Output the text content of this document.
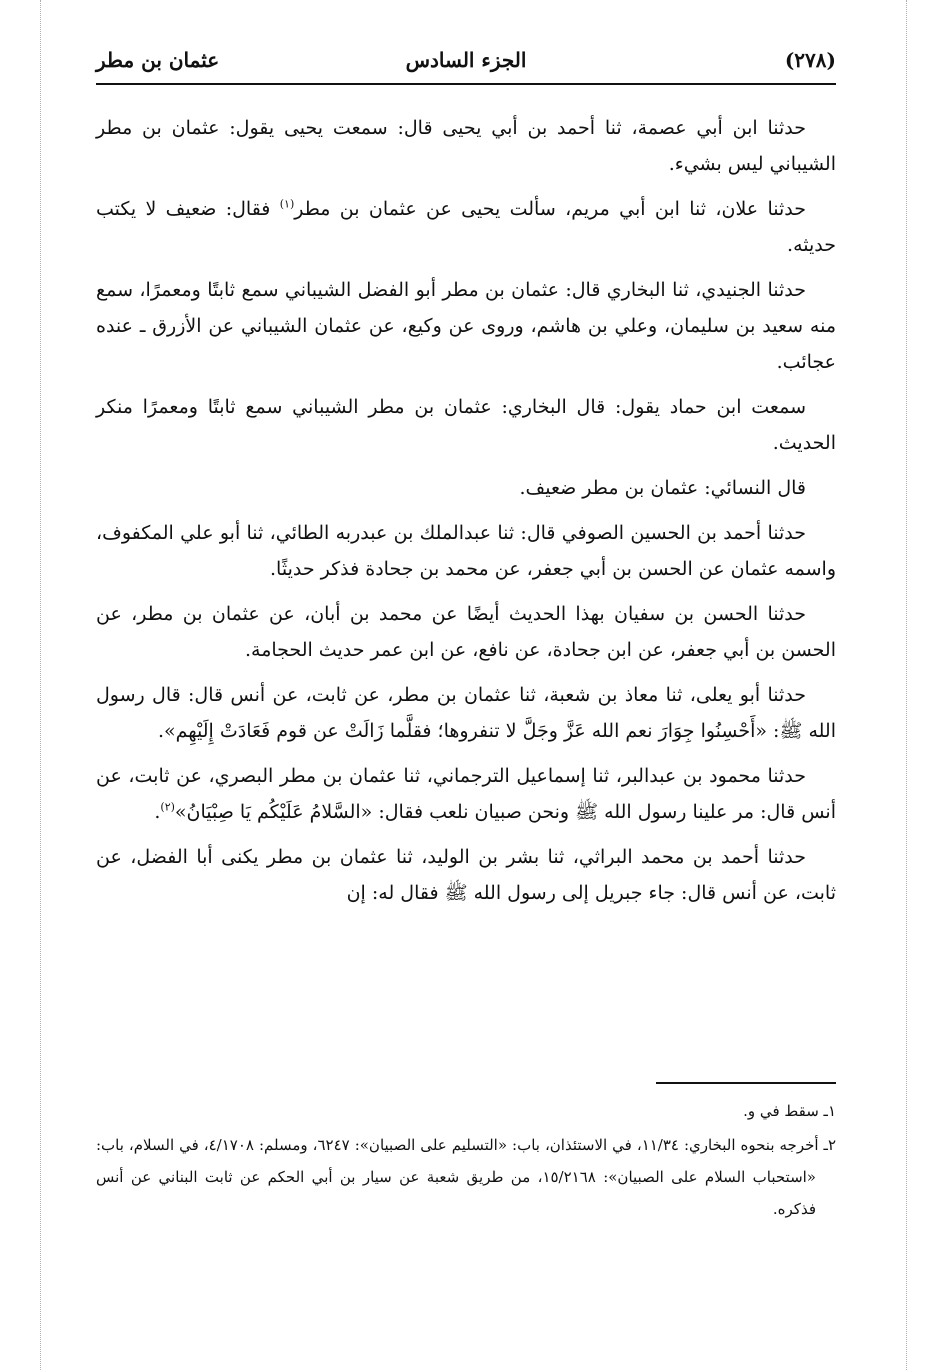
(٢٧٨)
الجزء السادس
عثمان بن مطر

حدثنا ابن أبي عصمة، ثنا أحمد بن أبي يحيى قال: سمعت يحيى يقول: عثمان بن مطر الشيباني ليس بشيء.

حدثنا علان، ثنا ابن أبي مريم، سألت يحيى عن عثمان بن مطر$^{(١)}$ فقال: ضعيف لا يكتب حديثه.

حدثنا الجنيدي، ثنا البخاري قال: عثمان بن مطر أبو الفضل الشيباني سمع ثابتًا ومعمرًا، سمع منه سعيد بن سليمان، وعلي بن هاشم، وروى عن وكيع، عن عثمان الشيباني عن الأزرق ـ عنده عجائب.

سمعت ابن حماد يقول: قال البخاري: عثمان بن مطر الشيباني سمع ثابتًا ومعمرًا منكر الحديث.

قال النسائي: عثمان بن مطر ضعيف.

حدثنا أحمد بن الحسين الصوفي قال: ثنا عبدالملك بن عبدربه الطائي، ثنا أبو علي المكفوف، واسمه عثمان عن الحسن بن أبي جعفر، عن محمد بن جحادة فذكر حديثًا.

حدثنا الحسن بن سفيان بهذا الحديث أيضًا عن محمد بن أبان، عن عثمان بن مطر، عن الحسن بن أبي جعفر، عن ابن جحادة، عن نافع، عن ابن عمر حديث الحجامة.

حدثنا أبو يعلى، ثنا معاذ بن شعبة، ثنا عثمان بن مطر، عن ثابت، عن أنس قال: قال رسول الله ﷺ: «أَحْسِنُوا جِوَارَ نعم الله عَزَّ وجَلَّ لا تنفروها؛ فقلَّما زَالَتْ عن قوم فَعَادَتْ إِلَيْهِم».

حدثنا محمود بن عبدالبر، ثنا إسماعيل الترجماني، ثنا عثمان بن مطر البصري، عن ثابت، عن أنس قال: مر علينا رسول الله ﷺ ونحن صبيان نلعب فقال: «السَّلامُ عَلَيْكُم يَا صِبْيَانُ»$^{(٢)}$.

حدثنا أحمد بن محمد البراثي، ثنا بشر بن الوليد، ثنا عثمان بن مطر يكنى أبا الفضل، عن ثابت، عن أنس قال: جاء جبريل إلى رسول الله ﷺ فقال له: إن

١ـ سقط في و.

٢ـ أخرجه بنحوه البخاري: ١١/٣٤، في الاستئذان، باب: «التسليم على الصبيان»: ٦٢٤٧، ومسلم: ٤/١٧٠٨، في السلام، باب: «استحباب السلام على الصبيان»: ١٥/٢١٦٨، من طريق شعبة عن سيار بن أبي الحكم عن ثابت البناني عن أنس فذكره.
